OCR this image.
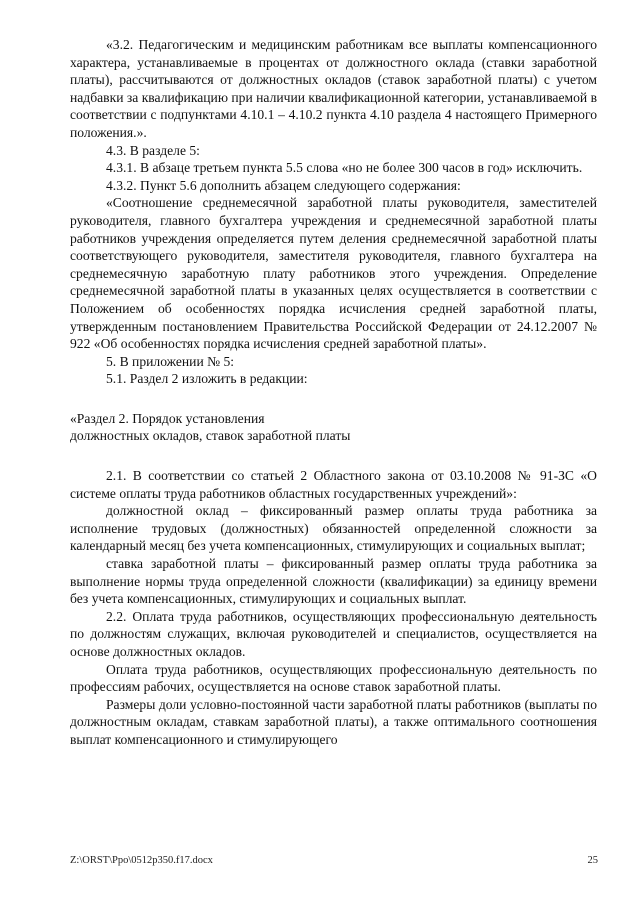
«3.2. Педагогическим и медицинским работникам все выплаты компенсационного характера, устанавливаемые в процентах от должностного оклада (ставки заработной платы), рассчитываются от должностных окладов (ставок заработной платы) с учетом надбавки за квалификацию при наличии квалификационной категории, устанавливаемой в соответствии с подпунктами 4.10.1 – 4.10.2 пункта 4.10 раздела 4 настоящего Примерного положения.».

4.3. В разделе 5:

4.3.1. В абзаце третьем пункта 5.5 слова «но не более 300 часов в год» исключить.

4.3.2. Пункт 5.6 дополнить абзацем следующего содержания:

«Соотношение среднемесячной заработной платы руководителя, заместителей руководителя, главного бухгалтера учреждения и среднемесячной заработной платы работников учреждения определяется путем деления среднемесячной заработной платы соответствующего руководителя, заместителя руководителя, главного бухгалтера на среднемесячную заработную плату работников этого учреждения. Определение среднемесячной заработной платы в указанных целях осуществляется в соответствии с Положением об особенностях порядка исчисления средней заработной платы, утвержденным постановлением Правительства Российской Федерации от 24.12.2007 № 922 «Об особенностях порядка исчисления средней заработной платы».

5. В приложении № 5:

5.1. Раздел 2 изложить в редакции:

«Раздел 2. Порядок установления
должностных окладов, ставок заработной платы

2.1. В соответствии со статьей 2 Областного закона от 03.10.2008 № 91-ЗС «О системе оплаты труда работников областных государственных учреждений»:

должностной оклад – фиксированный размер оплаты труда работника за исполнение трудовых (должностных) обязанностей определенной сложности за календарный месяц без учета компенсационных, стимулирующих и социальных выплат;

ставка заработной платы – фиксированный размер оплаты труда работника за выполнение нормы труда определенной сложности (квалификации) за единицу времени без учета компенсационных, стимулирующих и социальных выплат.

2.2. Оплата труда работников, осуществляющих профессиональную деятельность по должностям служащих, включая руководителей и специалистов, осуществляется на основе должностных окладов.

Оплата труда работников, осуществляющих профессиональную деятельность по профессиям рабочих, осуществляется на основе ставок заработной платы.

Размеры доли условно-постоянной части заработной платы работников (выплаты по должностным окладам, ставкам заработной платы), а также оптимального соотношения выплат компенсационного и стимулирующего

Z:\ORST\Ppo\0512p350.f17.docx	25
